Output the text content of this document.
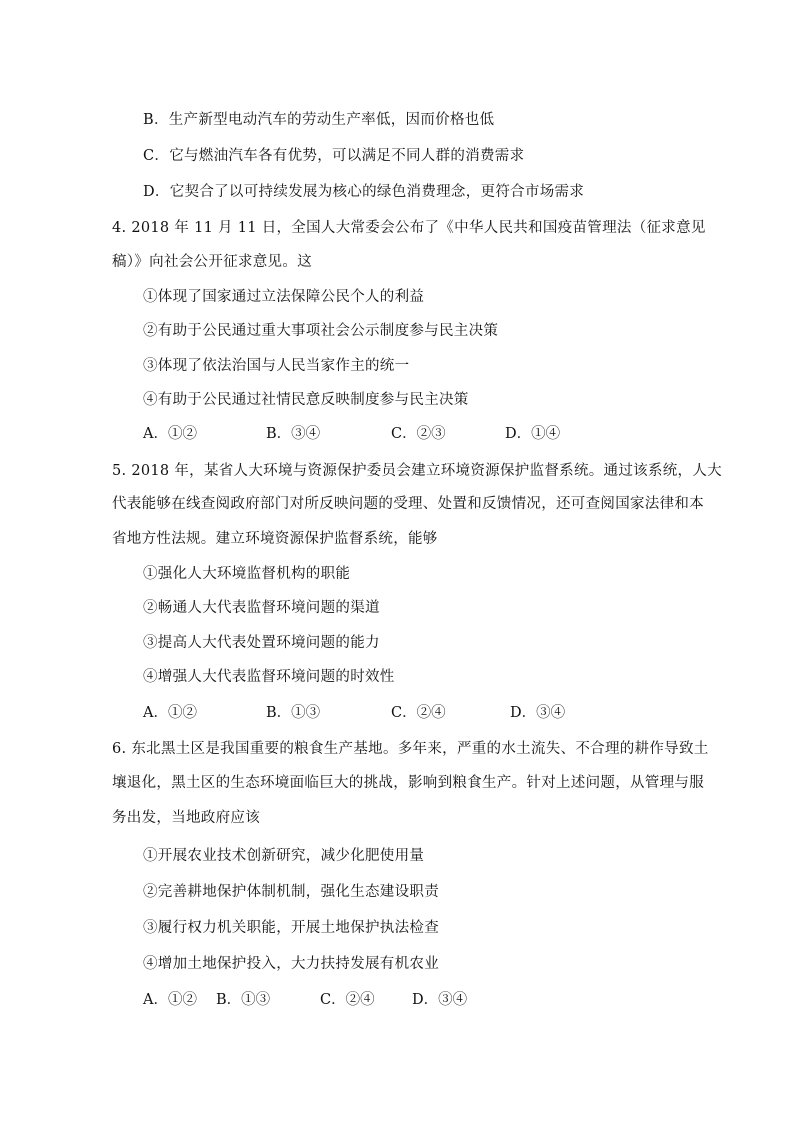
B．生产新型电动汽车的劳动生产率低，因而价格也低
C．它与燃油汽车各有优势，可以满足不同人群的消费需求
D．它契合了以可持续发展为核心的绿色消费理念，更符合市场需求
4. 2018 年 11 月 11 日，全国人大常委会公布了《中华人民共和国疫苗管理法（征求意见
稿）》向社会公开征求意见。这
①体现了国家通过立法保障公民个人的利益
②有助于公民通过重大事项社会公示制度参与民主决策
③体现了依法治国与人民当家作主的统一
④有助于公民通过社情民意反映制度参与民主决策
A．①②	B．③④	C．②③	D．①④
5. 2018 年，某省人大环境与资源保护委员会建立环境资源保护监督系统。通过该系统，人大
代表能够在线查阅政府部门对所反映问题的受理、处置和反馈情况，还可查阅国家法律和本
省地方性法规。建立环境资源保护监督系统，能够
①强化人大环境监督机构的职能
②畅通人大代表监督环境问题的渠道
③提高人大代表处置环境问题的能力
④增强人大代表监督环境问题的时效性
A．①②	B．①③	C．②④	D．③④
6. 东北黑土区是我国重要的粮食生产基地。多年来，严重的水土流失、不合理的耕作导致土
壤退化，黑土区的生态环境面临巨大的挑战，影响到粮食生产。针对上述问题，从管理与服
务出发，当地政府应该
①开展农业技术创新研究，减少化肥使用量
②完善耕地保护体制机制，强化生态建设职责
③履行权力机关职能，开展土地保护执法检查
④增加土地保护投入，大力扶持发展有机农业
A．①② B．①③	C．②④	D．③④
